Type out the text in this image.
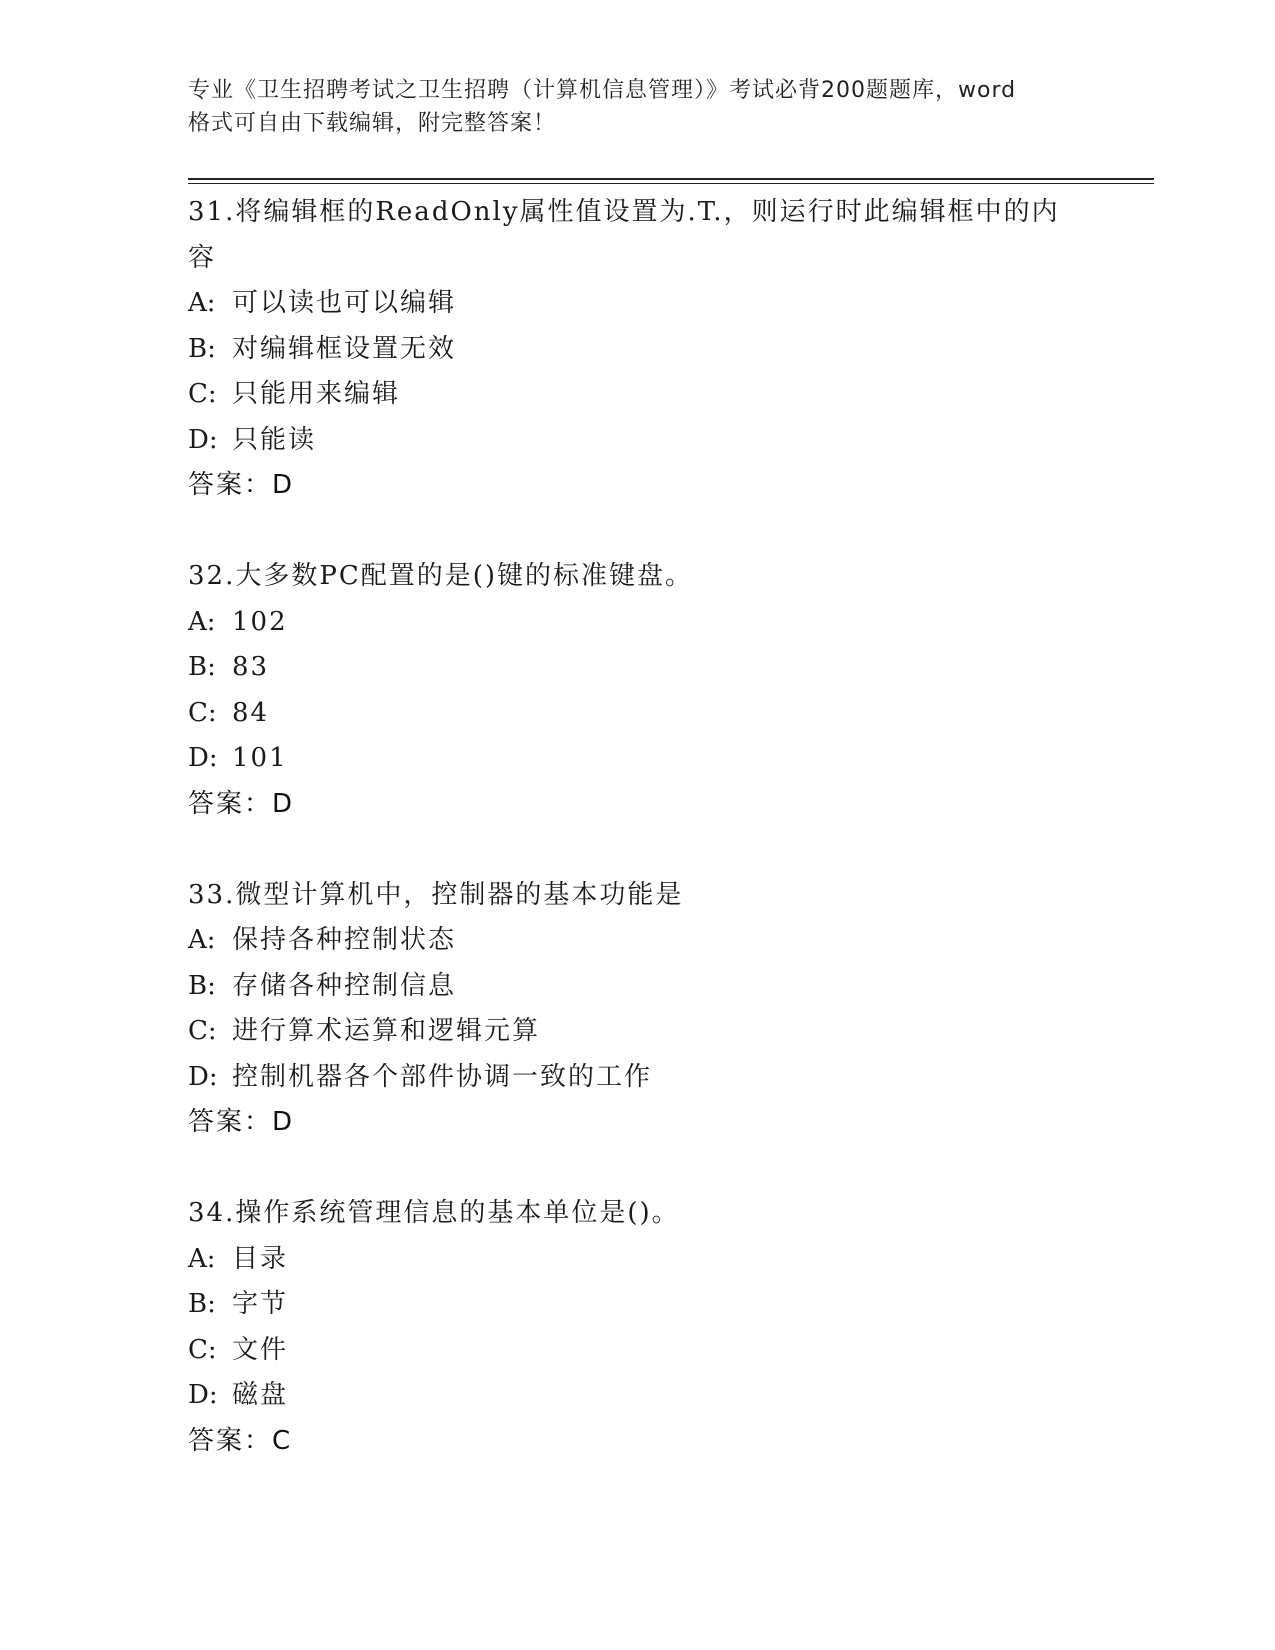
专业《卫生招聘考试之卫生招聘（计算机信息管理）》考试必背200题题库，word
格式可自由下载编辑，附完整答案！
31.将编辑框的ReadOnly属性值设置为.T.，则运行时此编辑框中的内容
A: 可以读也可以编辑
B: 对编辑框设置无效
C: 只能用来编辑
D: 只能读
答案：D
32.大多数PC配置的是()键的标准键盘。
A: 102
B: 83
C: 84
D: 101
答案：D
33.微型计算机中，控制器的基本功能是
A: 保持各种控制状态
B: 存储各种控制信息
C: 进行算术运算和逻辑元算
D: 控制机器各个部件协调一致的工作
答案：D
34.操作系统管理信息的基本单位是()。
A: 目录
B: 字节
C: 文件
D: 磁盘
答案：C
